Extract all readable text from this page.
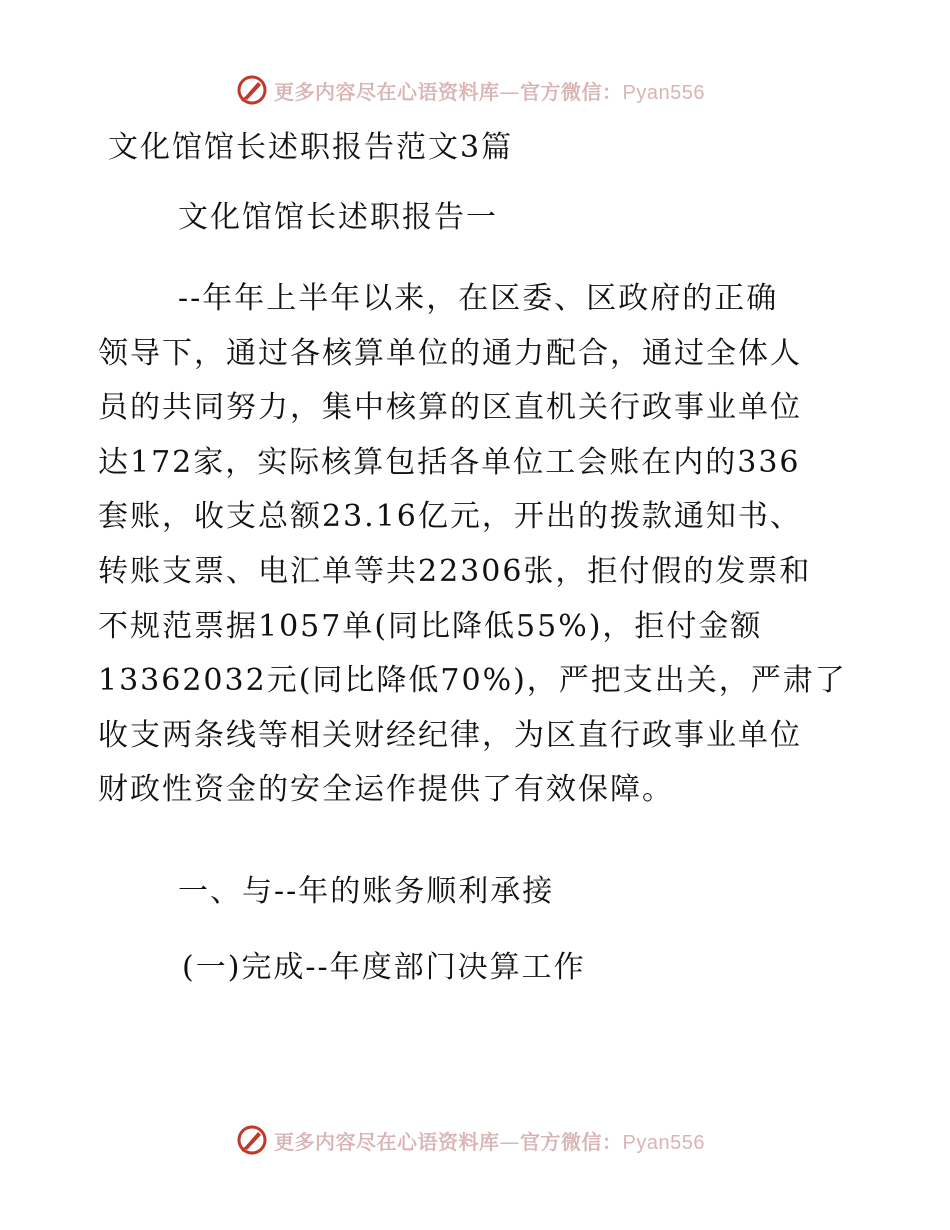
更多内容尽在心语资料库—官方微信：Pyan556
文化馆馆长述职报告范文3篇
文化馆馆长述职报告一
--年年上半年以来，在区委、区政府的正确
领导下，通过各核算单位的通力配合，通过全体人
员的共同努力，集中核算的区直机关行政事业单位
达172家，实际核算包括各单位工会账在内的336
套账，收支总额23.16亿元，开出的拨款通知书、
转账支票、电汇单等共22306张，拒付假的发票和
不规范票据1057单(同比降低55%)，拒付金额
13362032元(同比降低70%)，严把支出关，严肃了
收支两条线等相关财经纪律，为区直行政事业单位
财政性资金的安全运作提供了有效保障。
一、与--年的账务顺利承接
(一)完成--年度部门决算工作
更多内容尽在心语资料库—官方微信：Pyan556
